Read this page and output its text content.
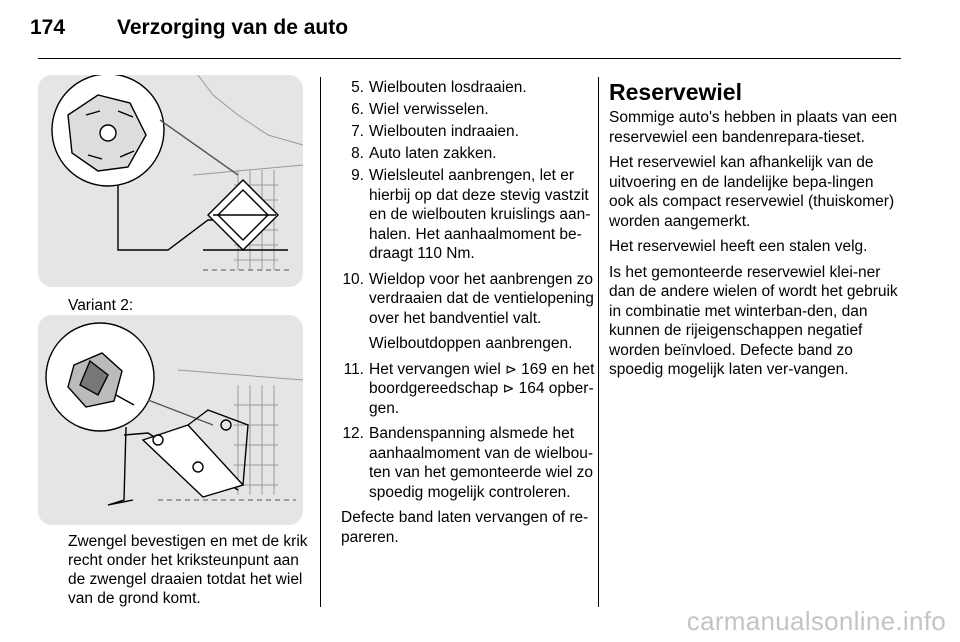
174 Verzorging van de auto
Variant 2:
Zwengel bevestigen en met de krik recht onder het kriksteunpunt aan de zwengel draaien totdat het wiel van de grond komt.
5. Wielbouten losdraaien.
6. Wiel verwisselen.
7. Wielbouten indraaien.
8. Auto laten zakken.
9. Wielsleutel aanbrengen, let er hierbij op dat deze stevig vastzit en de wielbouten kruislings aan-halen. Het aanhaalmoment be-draagt 110 Nm.
10. Wieldop voor het aanbrengen zo verdraaien dat de ventielopening over het bandventiel valt.
Wielboutdoppen aanbrengen.
11. Het vervangen wiel ⊳ 169 en het boordgereedschap ⊳ 164 opber-gen.
12. Bandenspanning alsmede het aanhaalmoment van de wielbou-ten van het gemonteerde wiel zo spoedig mogelijk controleren.
Defecte band laten vervangen of re-pareren.
Reservewiel

Sommige auto's hebben in plaats van een reservewiel een bandenrepara-tieset.

Het reservewiel kan afhankelijk van de uitvoering en de landelijke bepa-lingen ook als compact reservewiel (thuiskomer) worden aangemerkt.

Het reservewiel heeft een stalen velg.

Is het gemonteerde reservewiel klei-ner dan de andere wielen of wordt het gebruik in combinatie met winterban-den, dan kunnen de rijeigenschappen negatief worden beïnvloed. Defecte band zo spoedig mogelijk laten ver-vangen.

carmanualsonline.info
